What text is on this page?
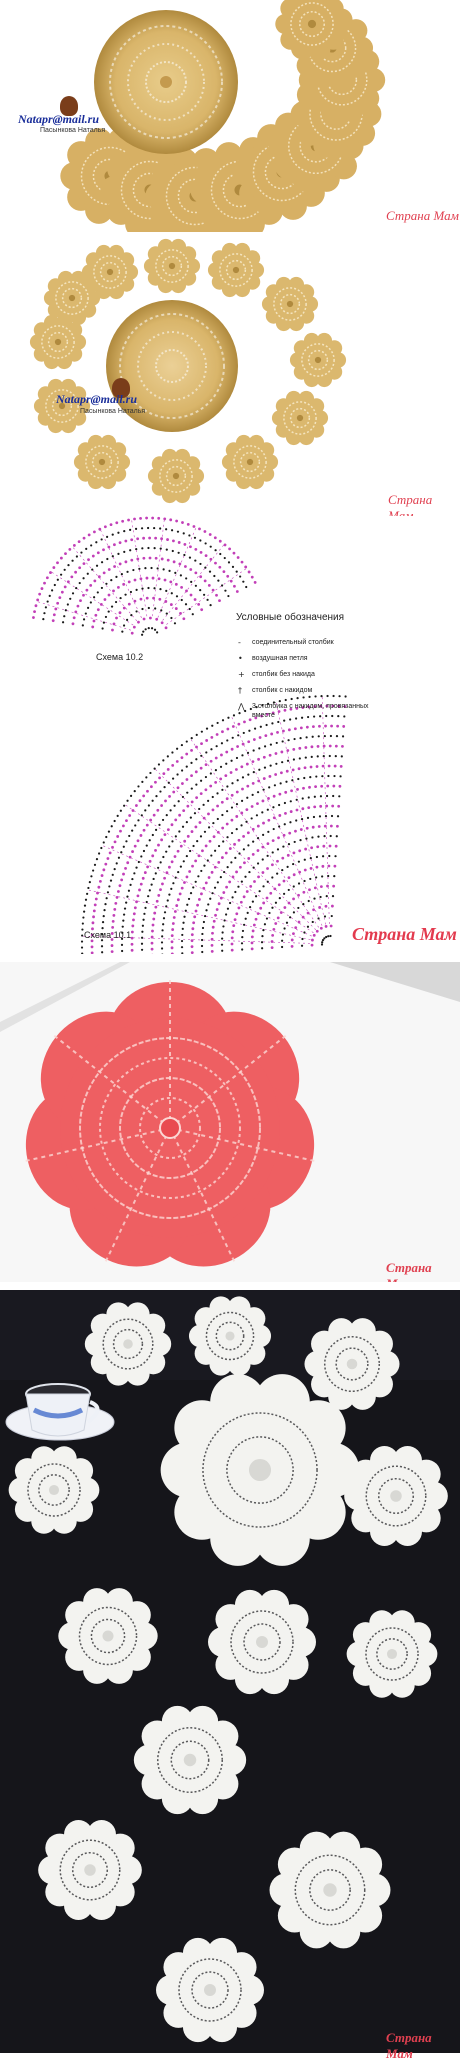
Natapr@mail.ru
Пасынкова Наталья
Страна Мам
Natapr@mail.ru
Пасынкова Наталья
Страна
Схема 10.2
Схема 10.1
Условные обозначения
- соединительный столбик
• воздушная петля
+ столбик без накида
† столбик с накидом
⋀ 3 столбика с накидом, провязанных вместе
Страна Мам
Страна
Страна Мам
